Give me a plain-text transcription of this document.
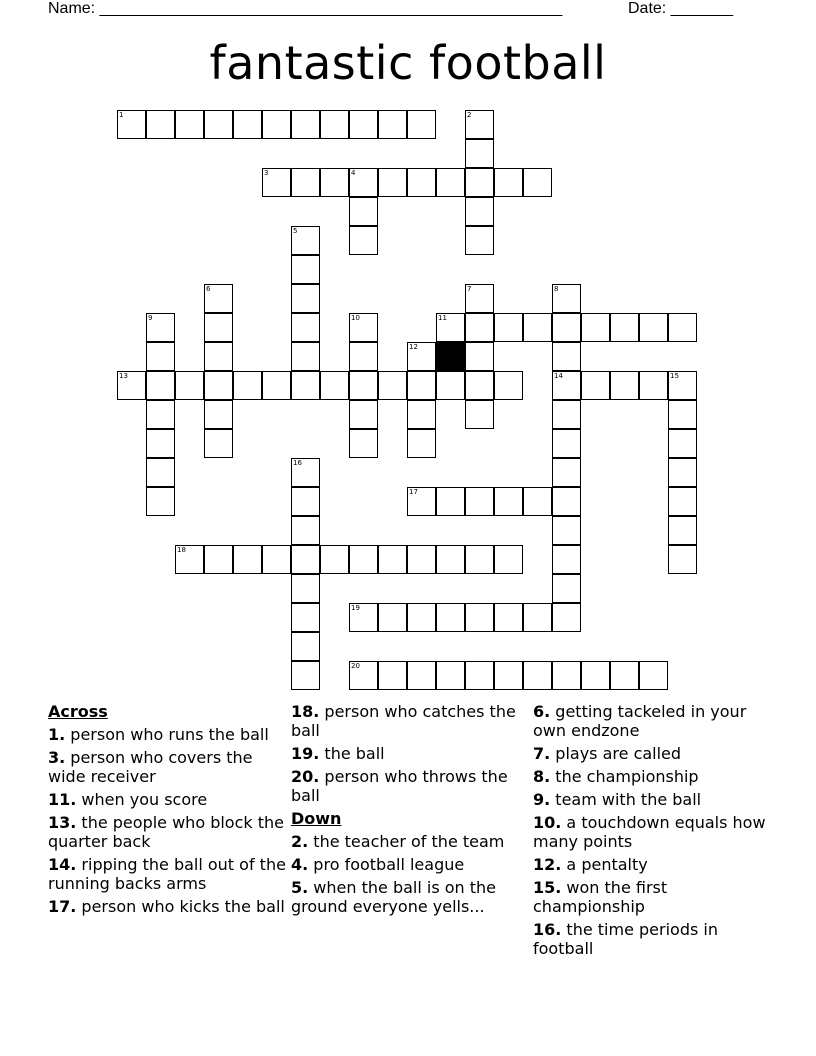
Name: ____________________________________________________	Date: _______
fantastic football
1	2
3	4
5
6	7	8
9	10	11
12
13	14	15
16
17
18
19
20
Across
1. person who runs the ball
3. person who covers the wide receiver
11. when you score
13. the people who block the quarter back
14. ripping the ball out of the running backs arms
17. person who kicks the ball
18. person who catches the ball
19. the ball
20. person who throws the ball
Down
2. the teacher of the team
4. pro football league
5. when the ball is on the ground everyone yells...
6. getting tackeled in your own endzone
7. plays are called
8. the championship
9. team with the ball
10. a touchdown equals how many points
12. a pentalty
15. won the first championship
16. the time periods in football
